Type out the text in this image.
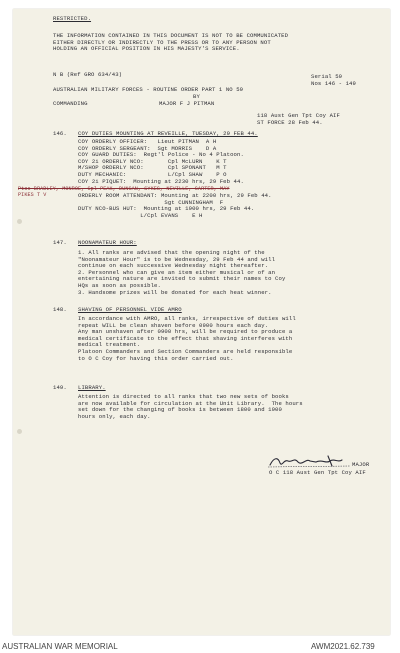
RESTRICTED.
THE INFORMATION CONTAINED IN THIS DOCUMENT IS NOT TO BE COMMUNICATED
EITHER DIRECTLY OR INDIRECTLY TO THE PRESS OR TO ANY PERSON NOT
HOLDING AN OFFICIAL POSITION IN HIS MAJESTY'S SERVICE.
N B (Ref GRO 634/43)	Serial 59
Nos 146 - 149
AUSTRALIAN MILITARY FORCES - ROUTINE ORDER PART 1 NO 59
BY
COMMANDING	MAJOR F J PITMAN
118 Aust Gen Tpt Coy AIF
ST FORCE 28 Feb 44.
146. COY DUTIES MOUNTING AT REVEILLE, TUESDAY, 29 FEB 44.
COY ORDERLY OFFICER:   Lieut PITMAN  A H
COY ORDERLY SERGEANT:  Sgt MORRIS    D A
COY GUARD DUTIES:  Regt'l Police - No 4 Platoon.
COY 2i ORDERLY NCO:       Cpl McLURN    K T
M/SHOP ORDERLY NCO:       Cpl SPONANT   M T
DUTY MECHANIC:            L/Cpl SHAW    P O
COY 2i PIQUET:  Mounting at 2230 hrs, 29 Feb 44.
Ptes BRADLEY, MONROE, Cpl PEAK, DUNCAN, SYKES, NEVILLE, CARTER, MAY
PIKES T V	ORDERLY ROOM ATTENDANT: Mounting at 2200 hrs, 29 Feb 44.
Sgt CUNNINGHAM  F
DUTY NCO-BUS HUT:  Mounting at 1900 hrs, 29 Feb 44.
L/Cpl EVANS    E H
147. NOONAMATEUR HOUR:
1. All ranks are advised that the opening night of the
"Noonamateur Hour" is to be Wednesday, 29 Feb 44 and will
continue on each successive Wednesday night thereafter.
2. Personnel who can give an item either musical or of an
entertaining nature are invited to submit their names to Coy
HQs as soon as possible.
3. Handsome prizes will be donated for each heat winner.
148. SHAVING OF PERSONNEL VIDE AMRO
In accordance with AMRO, all ranks, irrespective of duties will
repeat WILL be clean shaven before 0900 hours each day.
Any man unshaven after 0900 hrs, will be required to produce a
medical certificate to the effect that shaving interferes with
medical treatment.
Platoon Commanders and Section Commanders are held responsible
to O C Coy for having this order carried out.
149. LIBRARY.
Attention is directed to all ranks that two new sets of books
are now available for circulation at the Unit Library.  The hours
set down for the changing of books is between 1800 and 1900
hours only, each day.
MAJOR
O C 118 Aust Gen Tpt Coy AIF
AUSTRALIAN WAR MEMORIAL	AWM2021.62.739
